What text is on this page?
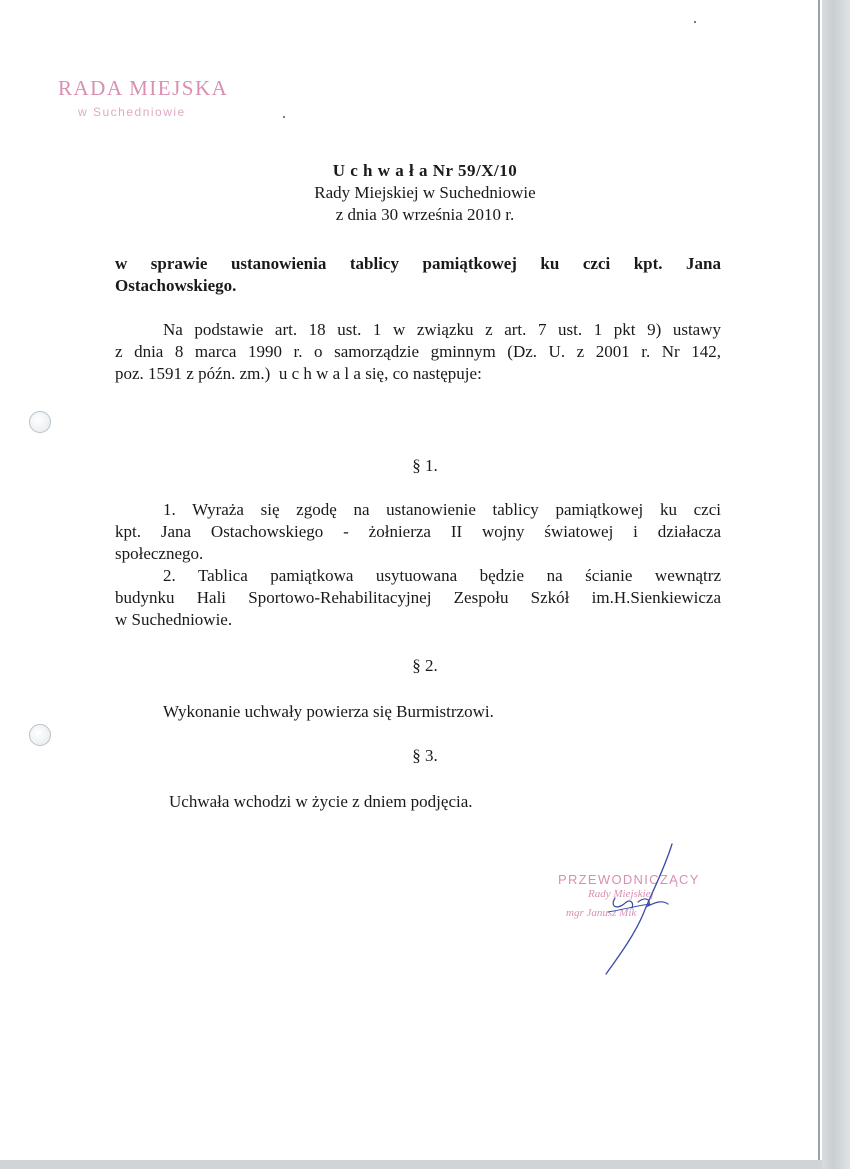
RADA MIEJSKA
w Suchedniowie
U c h w a ł a Nr 59/X/10
Rady Miejskiej w Suchedniowie
z dnia 30 września 2010 r.
w sprawie ustanowienia tablicy pamiątkowej ku czci kpt. Jana
Ostachowskiego.
Na podstawie art. 18 ust. 1 w związku z art. 7 ust. 1 pkt 9) ustawy
z dnia 8 marca 1990 r. o samorządzie gminnym (Dz. U. z 2001 r. Nr 142,
poz. 1591 z późn. zm.)  u c h w a l a się, co następuje:
§ 1.
1. Wyraża się zgodę na ustanowienie tablicy pamiątkowej ku czci
kpt. Jana Ostachowskiego - żołnierza II wojny światowej i działacza
społecznego.
2. Tablica pamiątkowa usytuowana będzie na ścianie wewnątrz
budynku Hali Sportowo-Rehabilitacyjnej Zespołu Szkół im.H.Sienkiewicza
w Suchedniowie.
§ 2.
Wykonanie uchwały powierza się Burmistrzowi.
§ 3.
Uchwała wchodzi w życie z dniem podjęcia.
PRZEWODNICZĄCY
Rady Miejskiej
mgr Janusz Mik
